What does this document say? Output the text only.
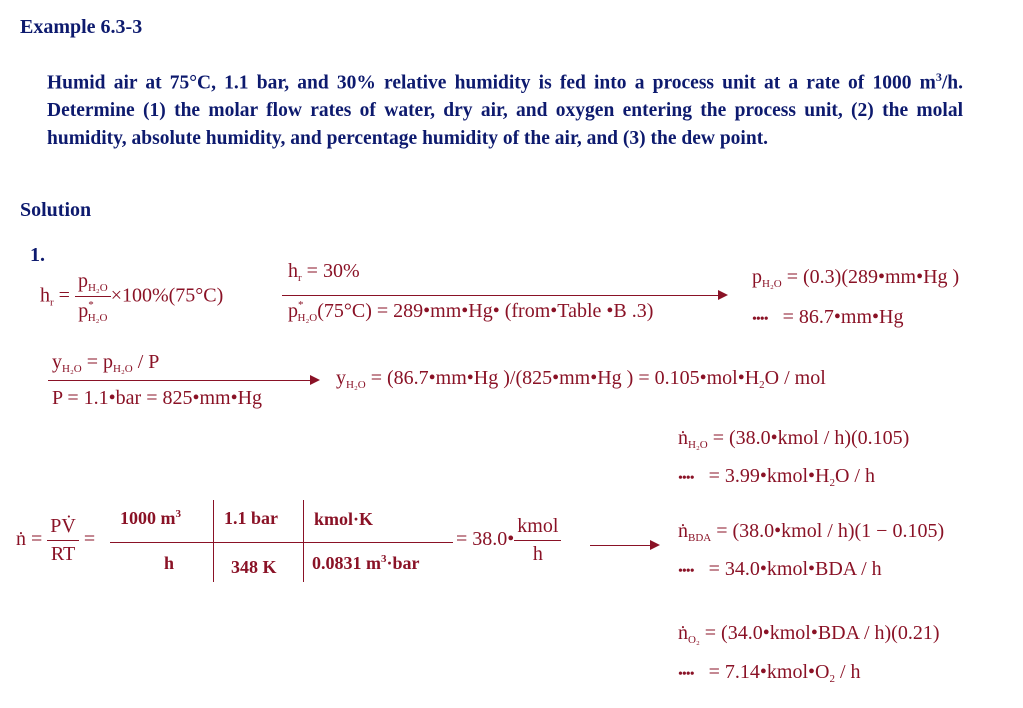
Example 6.3-3
Humid air at 75°C, 1.1 bar, and 30% relative humidity is fed into a process unit at a rate of 1000 $m^3/h$. Determine (1) the molar flow rates of water, dry air, and oxygen entering the process unit, (2) the molal humidity, absolute humidity, and percentage humidity of the air, and (3) the dew point.
Solution
1.
$h_r = \frac{p_{H_2O}}{p^*_{H_2O}} \times 100\%(75^\circ C)$
$h_r = 30\%$
$p^*_{H_2O}(75^\circ C)$ = 289•mm•Hg• (from•Table •B .3)
$p_{H_2O}$ = (0.3)(289•mm•Hg )
•••• = 86.7•mm•Hg
$y_{H_2O} = p_{H_2O} / P$
P = 1.1•bar = 825•mm•Hg
$y_{H_2O}$ = (86.7•mm•Hg )/(825•mm•Hg ) = $0.105•mol•H_2O$ / mol
ṅ$_{H_2O}$ = (38.0•kmol / h)(0.105)
•••• = $3.99•kmol•H_2O$ / h
ṅ = $\frac{PV̇}{RT}$ =
1000 $m^3$
h
1.1 bar
348 K
kmol·K
0.0831 $m^3\cdot bar$
= 38.0• $\frac{\text{kmol}}{h}$	ṅ$_{BDA}$ = (38.0•kmol / h)(1 − 0.105)
•••• = 34.0•kmol•BDA / h
ṅ$_{O_2}$ = (34.0•kmol•BDA / h)(0.21)
•••• = $7.14•kmol•O_2$ / h
